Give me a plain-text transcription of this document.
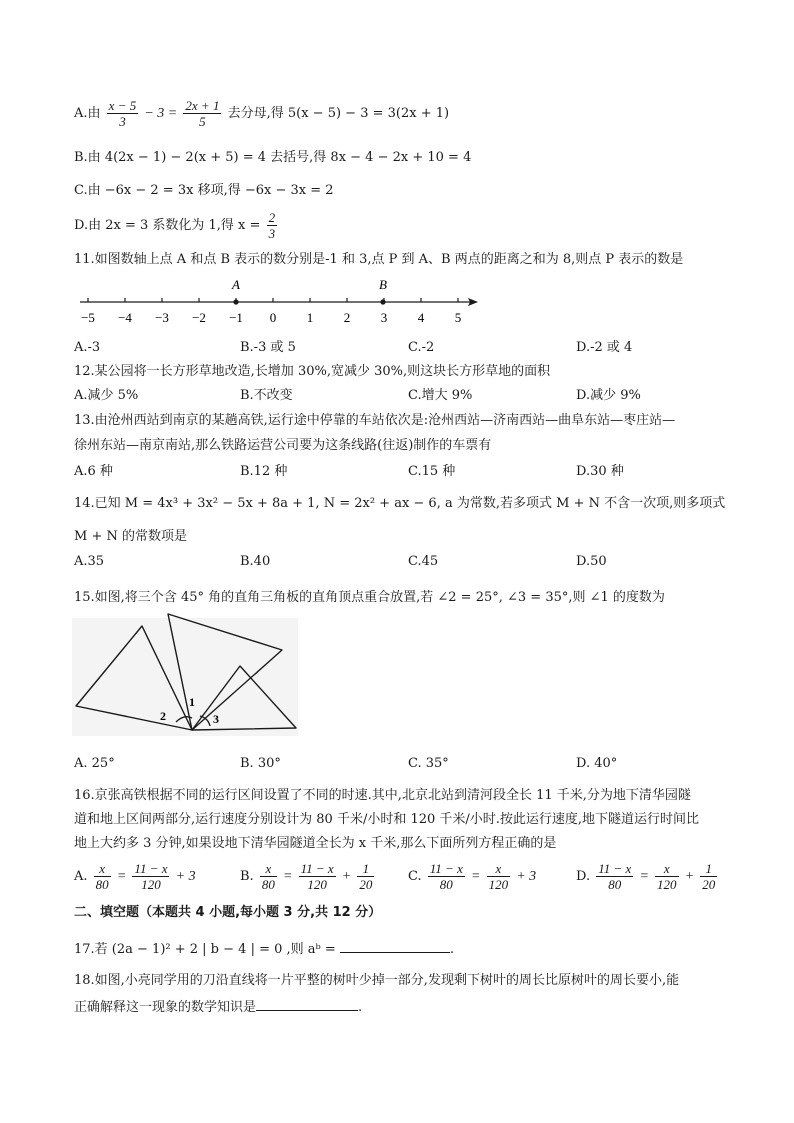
A.由 $\frac{x - 5}{3} - 3 = \frac{2x + 1}{5}$ 去分母,得 5(x − 5) − 3 = 3(2x + 1)
B.由 4(2x − 1) − 2(x + 5) = 4 去括号,得 8x − 4 − 2x + 10 = 4
C.由 −6x − 2 = 3x 移项,得 −6x − 3x = 2
D.由 2x = 3 系数化为 1,得 $x = \frac{2}{3}$
11.如图数轴上点 A 和点 B 表示的数分别是-1 和 3,点 P 到 A、B 两点的距离之和为 8,则点 P 表示的数是
−5 −4 −3 −2 −1 0 1 2 3 4 5
A	B
A.-3	B.-3 或 5	C.-2	D.-2 或 4
12.某公园将一长方形草地改造,长增加 30%,宽减少 30%,则这块长方形草地的面积
A.减少 5%	B.不改变	C.增大 9%	D.减少 9%
13.由沧州西站到南京的某趟高铁,运行途中停靠的车站依次是:沧州西站—济南西站—曲阜东站—枣庄站—
徐州东站—南京南站,那么铁路运营公司要为这条线路(往返)制作的车票有
A.6 种	B.12 种	C.15 种	D.30 种
14.已知 M = 4x³ + 3x² − 5x + 8a + 1, N = 2x² + ax − 6, a 为常数,若多项式 M + N 不含一次项,则多项式
M + N 的常数项是
A.35	B.40	C.45	D.50
15.如图,将三个含 45° 角的直角三角板的直角顶点重合放置,若 ∠2 = 25°, ∠3 = 35°,则 ∠1 的度数为
1
2	3
A. 25°	B. 30°	C. 35°	D. 40°
16.京张高铁根据不同的运行区间设置了不同的时速.其中,北京北站到清河段全长 11 千米,分为地下清华园隧
道和地上区间两部分,运行速度分别设计为 80 千米/小时和 120 千米/小时.按此运行速度,地下隧道运行时间比
地上大约多 3 分钟,如果设地下清华园隧道全长为 x 千米,那么下面所列方程正确的是
A. $\frac{x}{80} = \frac{11 - x}{120} + 3$	B. $\frac{x}{80} = \frac{11 - x}{120} + \frac{1}{20}$	C. $\frac{11 - x}{80} = \frac{x}{120} + 3$	D. $\frac{11 - x}{80} = \frac{x}{120} + \frac{1}{20}$
二、填空题（本题共 4 小题,每小题 3 分,共 12 分）
17.若 (2a − 1)² + 2 | b − 4 | = 0 ,则 aᵇ =	.
18.如图,小亮同学用的刀沿直线将一片平整的树叶少掉一部分,发现剩下树叶的周长比原树叶的周长要小,能
正确解释这一现象的数学知识是	.
